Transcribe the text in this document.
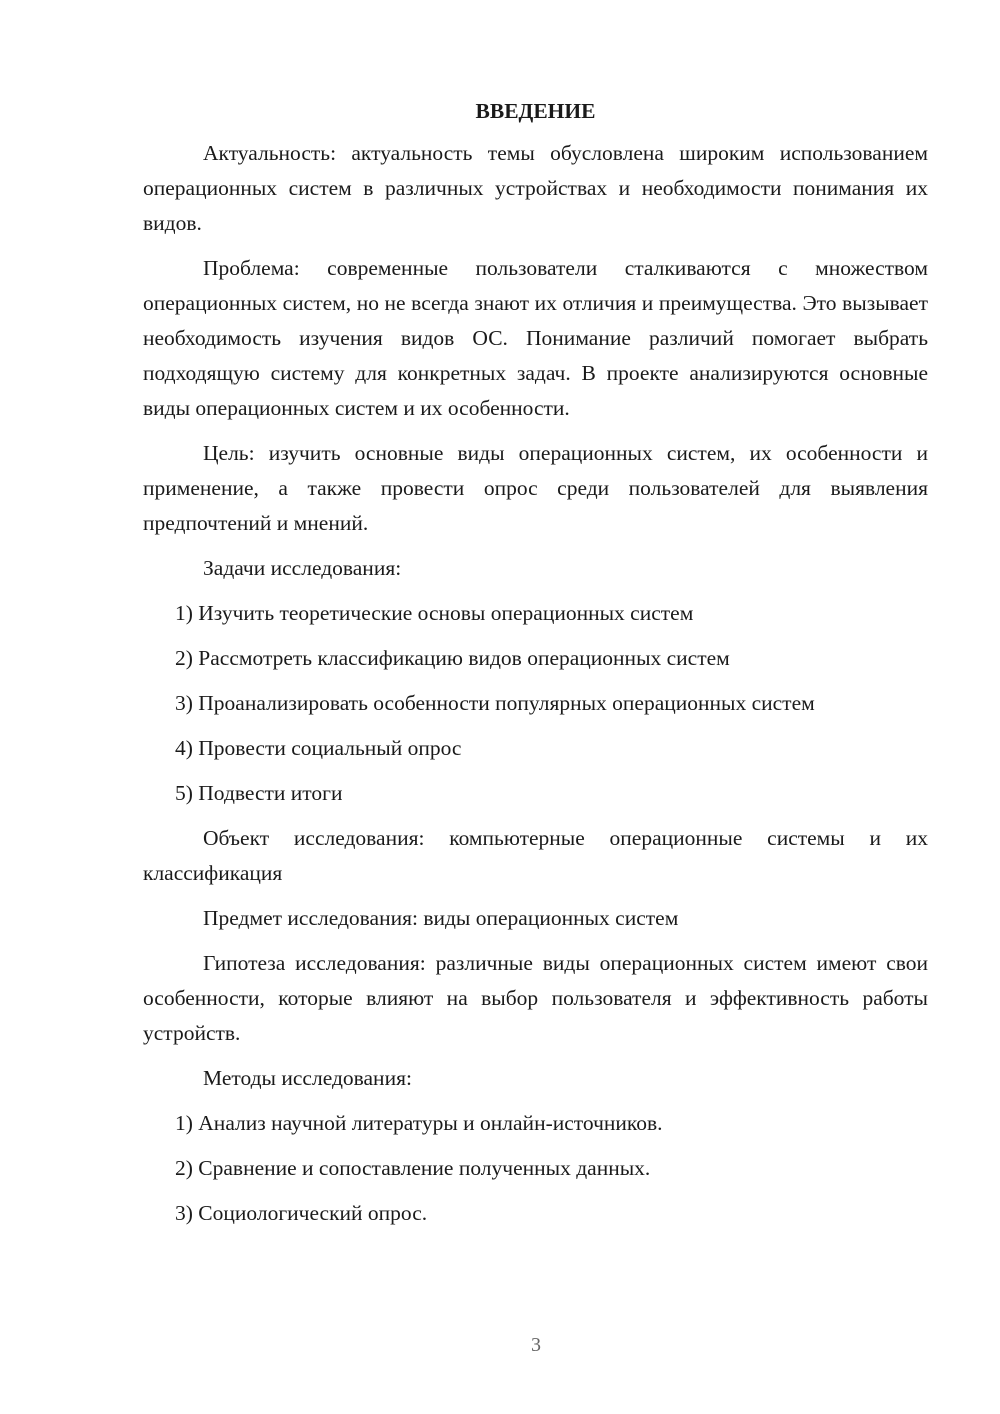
ВВЕДЕНИЕ

Актуальность: актуальность темы обусловлена широким использованием операционных систем в различных устройствах и необходимости понимания их видов.

Проблема: современные пользователи сталкиваются с множеством операционных систем, но не всегда знают их отличия и преимущества. Это вызывает необходимость изучения видов ОС. Понимание различий помогает выбрать подходящую систему для конкретных задач. В проекте анализируются основные виды операционных систем и их особенности.

Цель: изучить основные виды операционных систем, их особенности и применение, а также провести опрос среди пользователей для выявления предпочтений и мнений.

Задачи исследования:
1) Изучить теоретические основы операционных систем
2) Рассмотреть классификацию видов операционных систем
3) Проанализировать особенности популярных операционных систем
4) Провести социальный опрос
5) Подвести итоги

Объект исследования: компьютерные операционные системы и их классификация

Предмет исследования: виды операционных систем

Гипотеза исследования: различные виды операционных систем имеют свои особенности, которые влияют на выбор пользователя и эффективность работы устройств.

Методы исследования:
1) Анализ научной литературы и онлайн-источников.
2) Сравнение и сопоставление полученных данных.
3) Социологический опрос.
3
